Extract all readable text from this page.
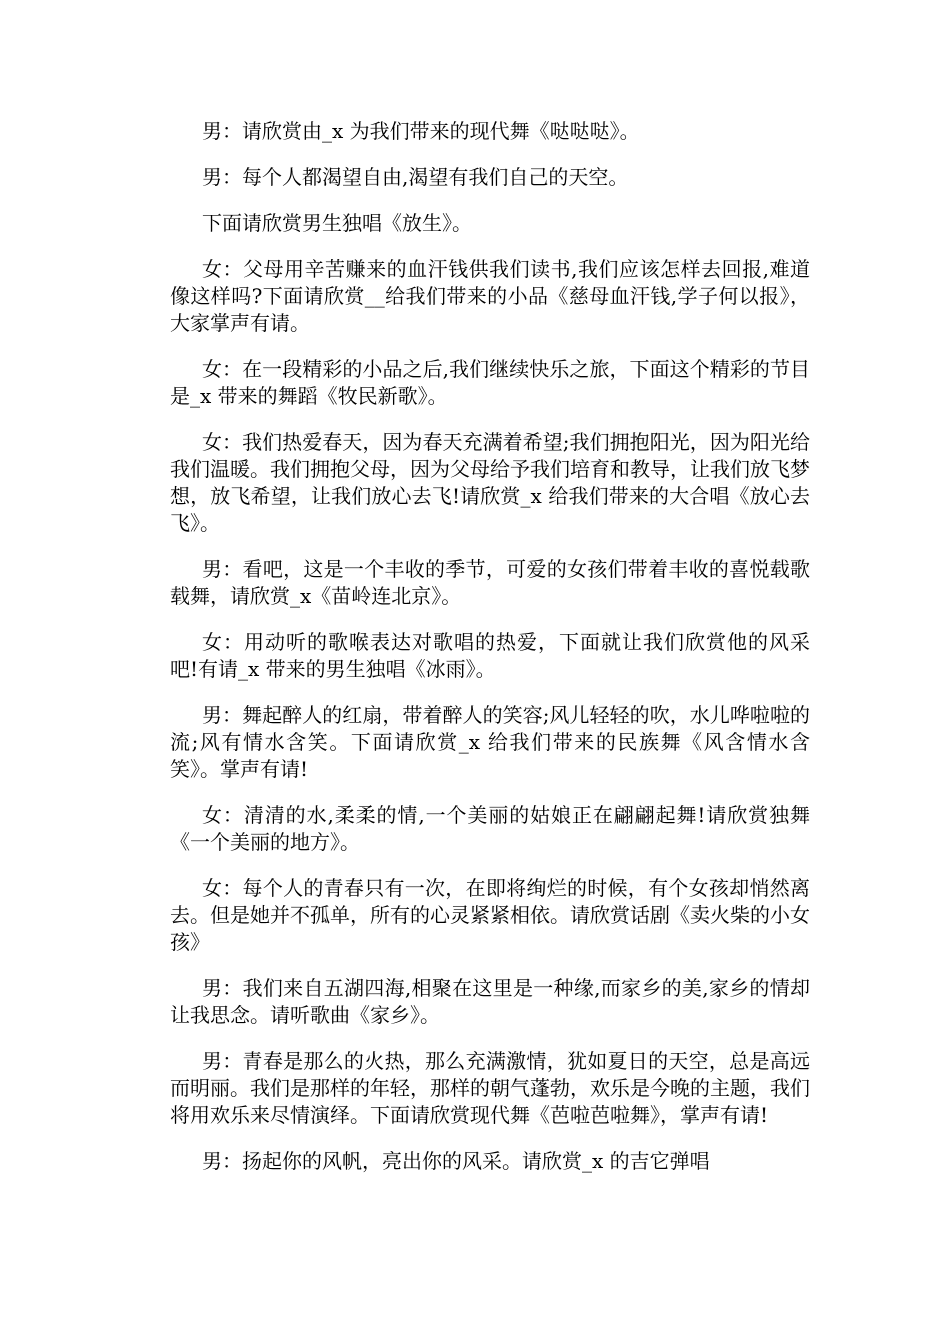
男：请欣赏由_x 为我们带来的现代舞《哒哒哒》。

男：每个人都渴望自由,渴望有我们自己的天空。

下面请欣赏男生独唱《放生》。

女：父母用辛苦赚来的血汗钱供我们读书,我们应该怎样去回报,难道像这样吗?下面请欣赏__给我们带来的小品《慈母血汗钱,学子何以报》，大家掌声有请。

女：在一段精彩的小品之后,我们继续快乐之旅，下面这个精彩的节目是_x 带来的舞蹈《牧民新歌》。

女：我们热爱春天，因为春天充满着希望;我们拥抱阳光，因为阳光给我们温暖。我们拥抱父母，因为父母给予我们培育和教导，让我们放飞梦想，放飞希望，让我们放心去飞!请欣赏_x 给我们带来的大合唱《放心去飞》。

男：看吧，这是一个丰收的季节，可爱的女孩们带着丰收的喜悦载歌载舞，请欣赏_x《苗岭连北京》。

女：用动听的歌喉表达对歌唱的热爱，下面就让我们欣赏他的风采吧!有请_x 带来的男生独唱《冰雨》。

男：舞起醉人的红扇，带着醉人的笑容;风儿轻轻的吹，水儿哗啦啦的流;风有情水含笑。下面请欣赏_x 给我们带来的民族舞《风含情水含笑》。掌声有请!

女：清清的水,柔柔的情,一个美丽的姑娘正在翩翩起舞!请欣赏独舞《一个美丽的地方》。

女：每个人的青春只有一次，在即将绚烂的时候，有个女孩却悄然离去。但是她并不孤单，所有的心灵紧紧相依。请欣赏话剧《卖火柴的小女孩》

男：我们来自五湖四海,相聚在这里是一种缘,而家乡的美,家乡的情却让我思念。请听歌曲《家乡》。

男：青春是那么的火热，那么充满激情，犹如夏日的天空，总是高远而明丽。我们是那样的年轻，那样的朝气蓬勃，欢乐是今晚的主题，我们将用欢乐来尽情演绎。下面请欣赏现代舞《芭啦芭啦舞》，掌声有请!

男：扬起你的风帆，亮出你的风采。请欣赏_x 的吉它弹唱
